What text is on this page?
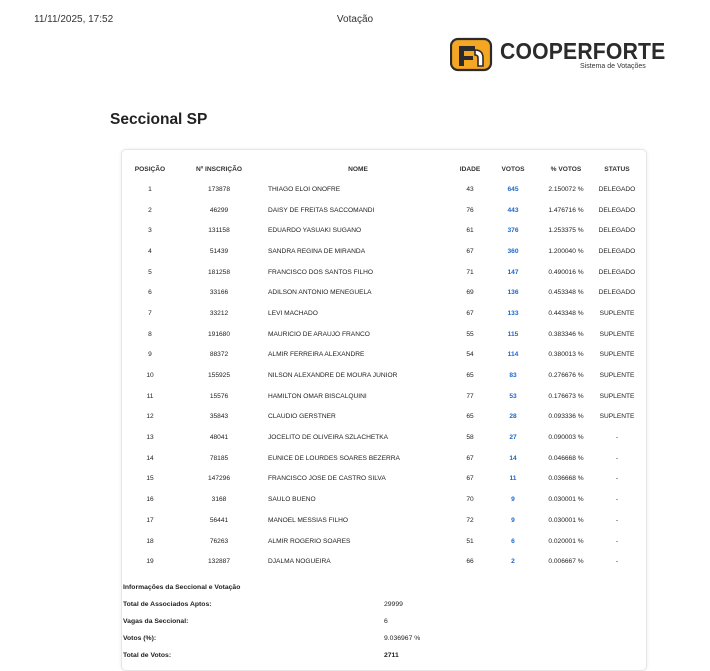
11/11/2025, 17:52	Votação
COOPERFORTE
Sistema de Votações
Seccional SP
POSIÇÃO	Nº INSCRIÇÃO	NOME	IDADE	VOTOS	% VOTOS	STATUS
1	173878	THIAGO ELOI ONOFRE	43	645	2.150072 %	DELEGADO
2	46299	DAISY DE FREITAS SACCOMANDI	76	443	1.476716 %	DELEGADO
3	131158	EDUARDO YASUAKI SUGANO	61	376	1.253375 %	DELEGADO
4	51439	SANDRA REGINA DE MIRANDA	67	360	1.200040 %	DELEGADO
5	181258	FRANCISCO DOS SANTOS FILHO	71	147	0.490016 %	DELEGADO
6	33166	ADILSON ANTONIO MENEGUELA	69	136	0.453348 %	DELEGADO
7	33212	LEVI MACHADO	67	133	0.443348 %	SUPLENTE
8	191680	MAURICIO DE ARAUJO FRANCO	55	115	0.383346 %	SUPLENTE
9	88372	ALMIR FERREIRA ALEXANDRE	54	114	0.380013 %	SUPLENTE
10	155925	NILSON ALEXANDRE DE MOURA JUNIOR	65	83	0.276676 %	SUPLENTE
11	15576	HAMILTON OMAR BISCALQUINI	77	53	0.176673 %	SUPLENTE
12	35843	CLAUDIO GERSTNER	65	28	0.093336 %	SUPLENTE
13	48041	JOCELITO DE OLIVEIRA SZLACHETKA	58	27	0.090003 %	-
14	78185	EUNICE DE LOURDES SOARES BEZERRA	67	14	0.046668 %	-
15	147296	FRANCISCO JOSE DE CASTRO SILVA	67	11	0.036668 %	-
16	3168	SAULO BUENO	70	9	0.030001 %	-
17	56441	MANOEL MESSIAS FILHO	72	9	0.030001 %	-
18	76263	ALMIR ROGERIO SOARES	51	6	0.020001 %	-
19	132887	DJALMA NOGUEIRA	66	2	0.006667 %	-
Informações da Seccional e Votação
Total de Associados Aptos:	29999
Vagas da Seccional:	6
Votos (%):	9.036967 %
Total de Votos:	2711
